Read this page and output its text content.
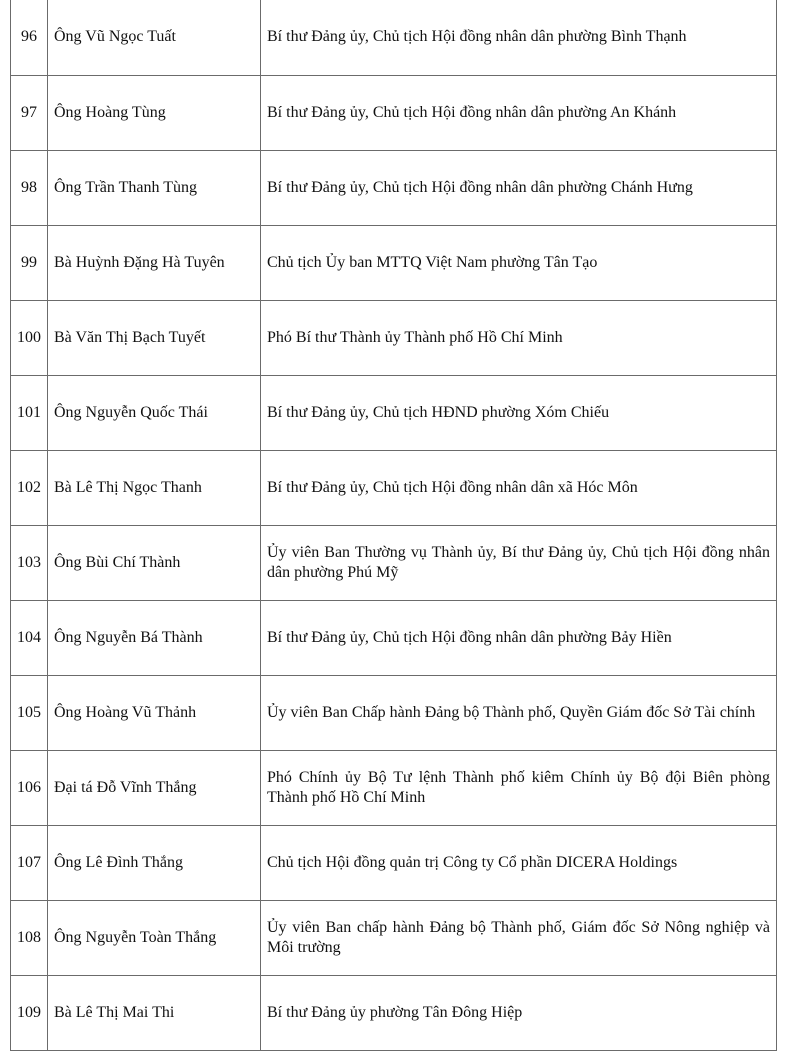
96	Ông Vũ Ngọc Tuất	Bí thư Đảng ủy, Chủ tịch Hội đồng nhân dân phường Bình Thạnh
97	Ông Hoàng Tùng	Bí thư Đảng ủy, Chủ tịch Hội đồng nhân dân phường An Khánh
98	Ông Trần Thanh Tùng	Bí thư Đảng ủy, Chủ tịch Hội đồng nhân dân phường Chánh Hưng
99	Bà Huỳnh Đặng Hà Tuyên	Chủ tịch Ủy ban MTTQ Việt Nam phường Tân Tạo
100	Bà Văn Thị Bạch Tuyết	Phó Bí thư Thành ủy Thành phố Hồ Chí Minh
101	Ông Nguyễn Quốc Thái	Bí thư Đảng ủy, Chủ tịch HĐND phường Xóm Chiếu
102	Bà Lê Thị Ngọc Thanh	Bí thư Đảng ủy, Chủ tịch Hội đồng nhân dân xã Hóc Môn
103	Ông Bùi Chí Thành	Ủy viên Ban Thường vụ Thành ủy, Bí thư Đảng ủy, Chủ tịch Hội đồng nhân dân phường Phú Mỹ
104	Ông Nguyễn Bá Thành	Bí thư Đảng ủy, Chủ tịch Hội đồng nhân dân phường Bảy Hiền
105	Ông Hoàng Vũ Thảnh	Ủy viên Ban Chấp hành Đảng bộ Thành phố, Quyền Giám đốc Sở Tài chính
106	Đại tá Đỗ Vĩnh Thắng	Phó Chính ủy Bộ Tư lệnh Thành phố kiêm Chính ủy Bộ đội Biên phòng Thành phố Hồ Chí Minh
107	Ông Lê Đình Thắng	Chủ tịch Hội đồng quản trị Công ty Cổ phần DICERA Holdings
108	Ông Nguyễn Toàn Thắng	Ủy viên Ban chấp hành Đảng bộ Thành phố, Giám đốc Sở Nông nghiệp và Môi trường
109	Bà Lê Thị Mai Thi	Bí thư Đảng ủy phường Tân Đông Hiệp
